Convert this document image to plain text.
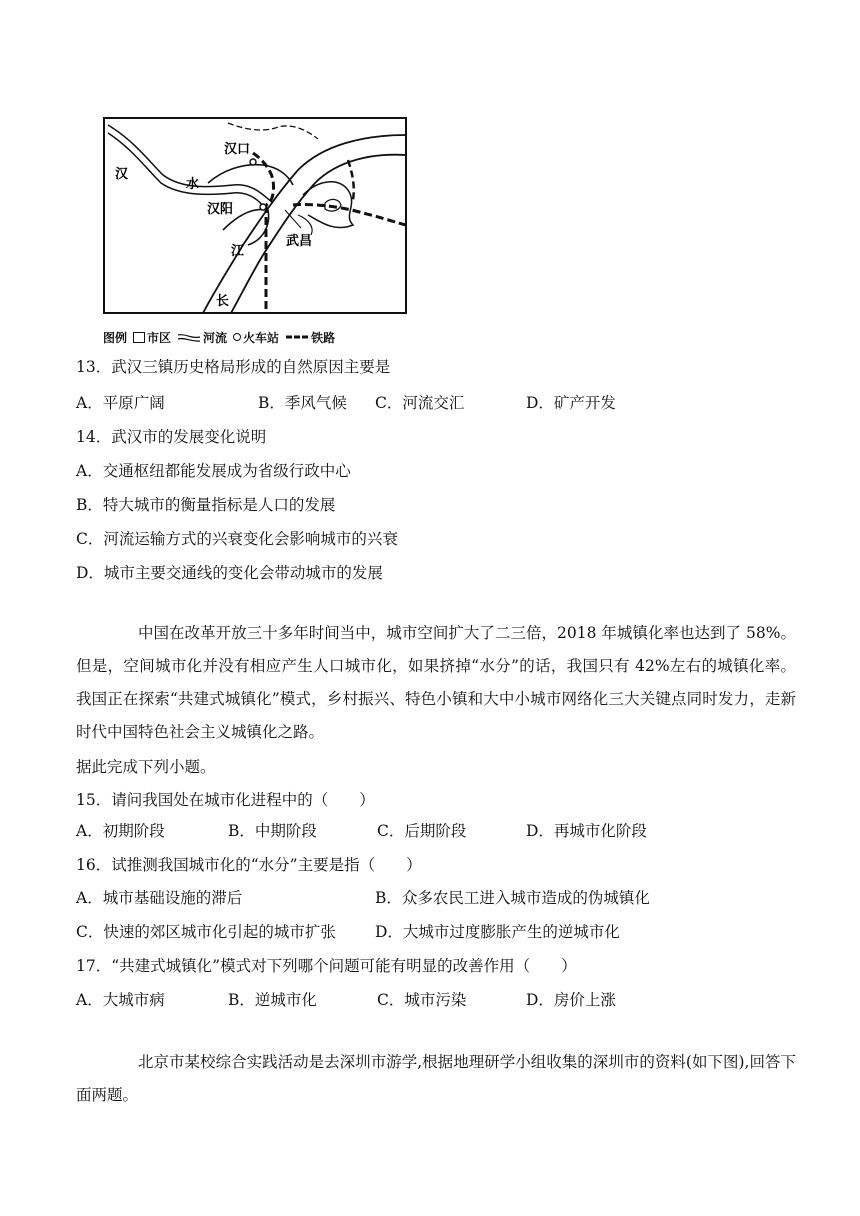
汉口
汉阳
武昌
汉
水
江
长
图例 市区	河流 火车站	铁路
13．武汉三镇历史格局形成的自然原因主要是
A．平原广阔	B．季风气候 C．河流交汇	D．矿产开发
14．武汉市的发展变化说明
A．交通枢纽都能发展成为省级行政中心
B．特大城市的衡量指标是人口的发展
C．河流运输方式的兴衰变化会影响城市的兴衰
D．城市主要交通线的变化会带动城市的发展

中国在改革开放三十多年时间当中，城市空间扩大了二三倍，2018 年城镇化率也达到了 58%。但是，空间城市化并没有相应产生人口城市化，如果挤掉“水分”的话，我国只有 42%左右的城镇化率。我国正在探索“共建式城镇化”模式，乡村振兴、特色小镇和大中小城市网络化三大关键点同时发力，走新时代中国特色社会主义城镇化之路。

据此完成下列小题。
15．请问我国处在城市化进程中的（　　）
A．初期阶段	B．中期阶段	C．后期阶段	D．再城市化阶段
16．试推测我国城市化的“水分”主要是指（　　）
A．城市基础设施的滞后	B．众多农民工进入城市造成的伪城镇化
C．快速的郊区城市化引起的城市扩张	D．大城市过度膨胀产生的逆城市化
17．“共建式城镇化”模式对下列哪个问题可能有明显的改善作用（　　）
A．大城市病	B．逆城市化	C．城市污染	D．房价上涨

北京市某校综合实践活动是去深圳市游学,根据地理研学小组收集的深圳市的资料(如下图),回答下面两题。
